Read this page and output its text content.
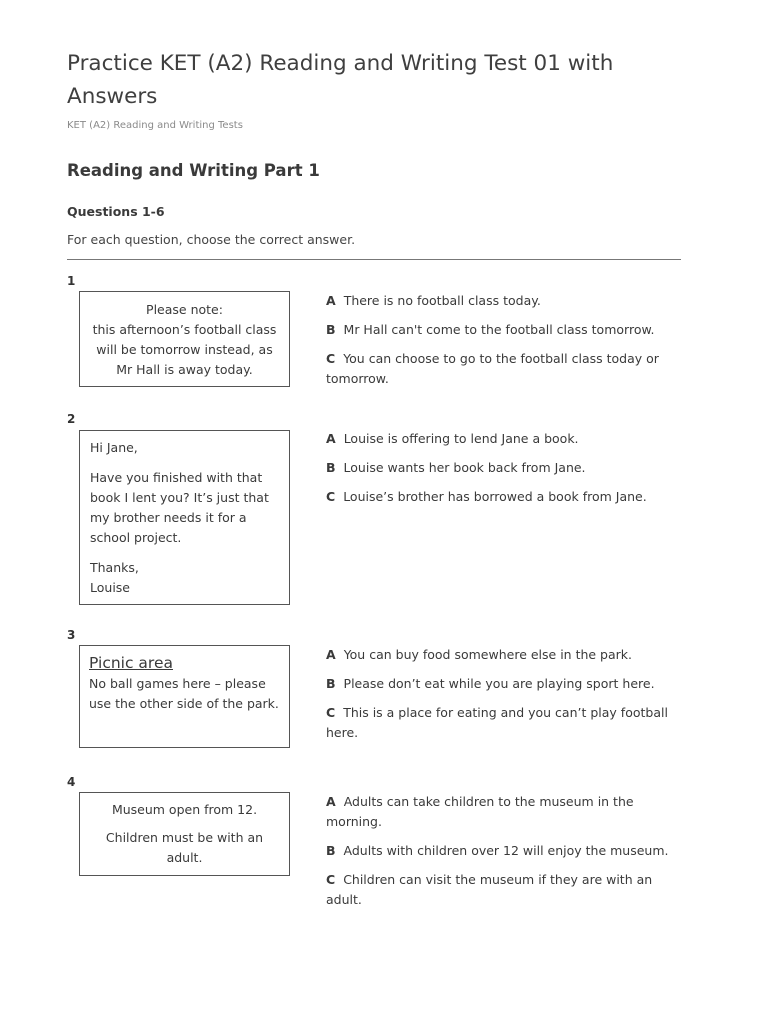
Practice KET (A2) Reading and Writing Test 01 with Answers
KET (A2) Reading and Writing Tests
Reading and Writing Part 1
Questions 1-6

For each question, choose the correct answer.

1

Please note:

this afternoon’s football class will be tomorrow instead, as Mr Hall is away today.

A There is no football class today.

B Mr Hall can't come to the football class tomorrow.

C You can choose to go to the football class today or tomorrow.

2

Hi Jane,

Have you finished with that book I lent you? It’s just that my brother needs it for a school project.

Thanks,

Louise

A Louise is offering to lend Jane a book.

B Louise wants her book back from Jane.

C Louise’s brother has borrowed a book from Jane.

3

Picnic area

No ball games here – please use the other side of the park.

A You can buy food somewhere else in the park.

B Please don’t eat while you are playing sport here.

C This is a place for eating and you can’t play football here.

4

Museum open from 12.

Children must be with an adult.

A Adults can take children to the museum in the morning.

B Adults with children over 12 will enjoy the museum.

C Children can visit the museum if they are with an adult.
